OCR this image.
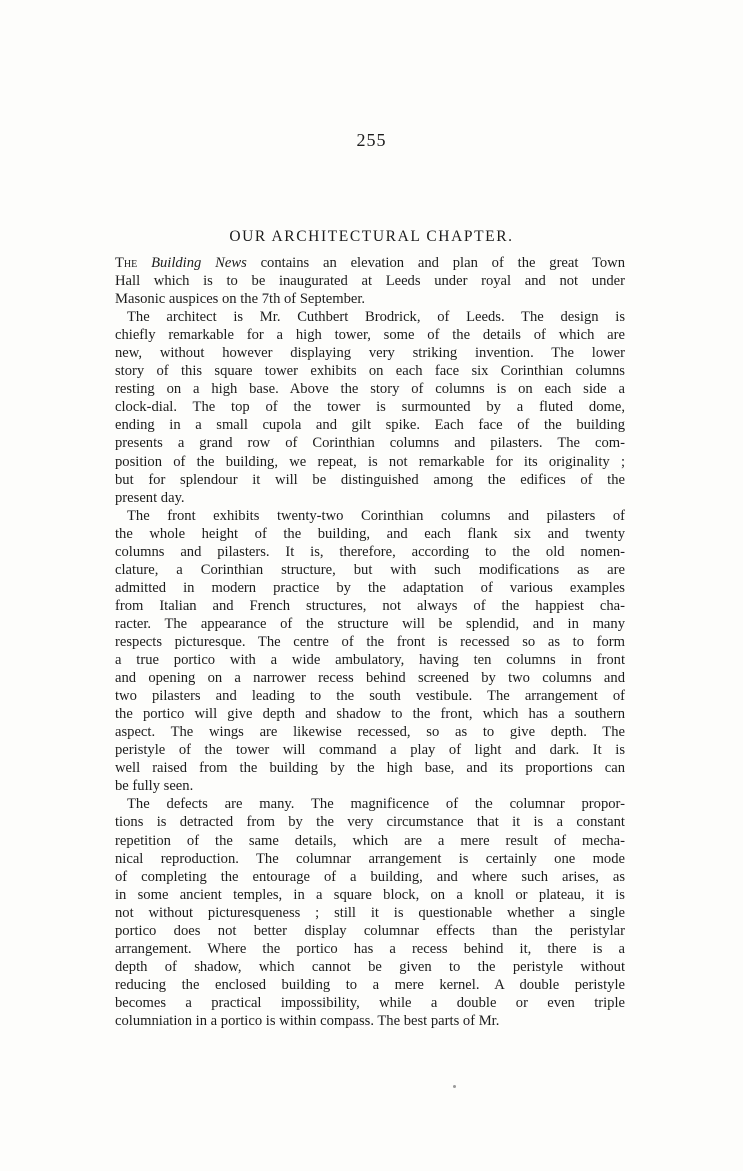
255
OUR ARCHITECTURAL CHAPTER.
The Building News contains an elevation and plan of the great Town
Hall which is to be inaugurated at Leeds under royal and not under
Masonic auspices on the 7th of September.
The architect is Mr. Cuthbert Brodrick, of Leeds. The design is
chiefly remarkable for a high tower, some of the details of which are
new, without however displaying very striking invention. The lower
story of this square tower exhibits on each face six Corinthian columns
resting on a high base. Above the story of columns is on each side a
clock-dial. The top of the tower is surmounted by a fluted dome,
ending in a small cupola and gilt spike. Each face of the building
presents a grand row of Corinthian columns and pilasters. The com-
position of the building, we repeat, is not remarkable for its originality ;
but for splendour it will be distinguished among the edifices of the
present day.
The front exhibits twenty-two Corinthian columns and pilasters of
the whole height of the building, and each flank six and twenty
columns and pilasters. It is, therefore, according to the old nomen-
clature, a Corinthian structure, but with such modifications as are
admitted in modern practice by the adaptation of various examples
from Italian and French structures, not always of the happiest cha-
racter. The appearance of the structure will be splendid, and in many
respects picturesque. The centre of the front is recessed so as to form
a true portico with a wide ambulatory, having ten columns in front
and opening on a narrower recess behind screened by two columns and
two pilasters and leading to the south vestibule. The arrangement of
the portico will give depth and shadow to the front, which has a southern
aspect. The wings are likewise recessed, so as to give depth. The
peristyle of the tower will command a play of light and dark. It is
well raised from the building by the high base, and its proportions can
be fully seen.
The defects are many. The magnificence of the columnar propor-
tions is detracted from by the very circumstance that it is a constant
repetition of the same details, which are a mere result of mecha-
nical reproduction. The columnar arrangement is certainly one mode
of completing the entourage of a building, and where such arises, as
in some ancient temples, in a square block, on a knoll or plateau, it is
not without picturesqueness ; still it is questionable whether a single
portico does not better display columnar effects than the peristylar
arrangement. Where the portico has a recess behind it, there is a
depth of shadow, which cannot be given to the peristyle without
reducing the enclosed building to a mere kernel. A double peristyle
becomes a practical impossibility, while a double or even triple
columniation in a portico is within compass. The best parts of Mr.
